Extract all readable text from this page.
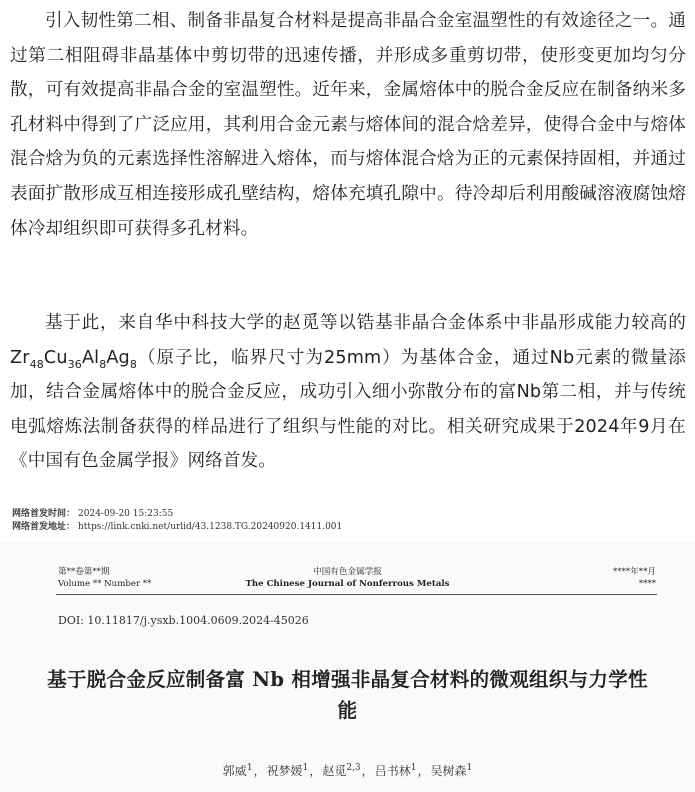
引入韧性第二相、制备非晶复合材料是提高非晶合金室温塑性的有效途径之一。通过第二相阻碍非晶基体中剪切带的迅速传播，并形成多重剪切带，使形变更加均匀分散，可有效提高非晶合金的室温塑性。近年来，金属熔体中的脱合金反应在制备纳米多孔材料中得到了广泛应用，其利用合金元素与熔体间的混合焓差异，使得合金中与熔体混合焓为负的元素选择性溶解进入熔体，而与熔体混合焓为正的元素保持固相，并通过表面扩散形成互相连接形成孔壁结构，熔体充填孔隙中。待冷却后利用酸碱溶液腐蚀熔体冷却组织即可获得多孔材料。

基于此，来自华中科技大学的赵觅等以锆基非晶合金体系中非晶形成能力较高的$Zr_{48}Cu_{36}Al_8Ag_8$（原子比，临界尺寸为25mm）为基体合金，通过Nb元素的微量添加，结合金属熔体中的脱合金反应，成功引入细小弥散分布的富Nb第二相，并与传统电弧熔炼法制备获得的样品进行了组织与性能的对比。相关研究成果于2024年9月在《中国有色金属学报》网络首发。

网络首发时间： 2024-09-20 15:23:55
网络首发地址： https://link.cnki.net/urlid/43.1238.TG.20240920.1411.001
第**卷第**期
Volume ** Number **
中国有色金属学报
The Chinese Journal of Nonferrous Metals
****年**月
****
DOI: 10.11817/j.ysxb.1004.0609.2024-45026
基于脱合金反应制备富 Nb 相增强非晶复合材料的微观组织与力学性能
郭威$^1$，祝梦媛$^1$，赵觅$^{2,3}$，吕书林$^1$，吴树森$^1$
